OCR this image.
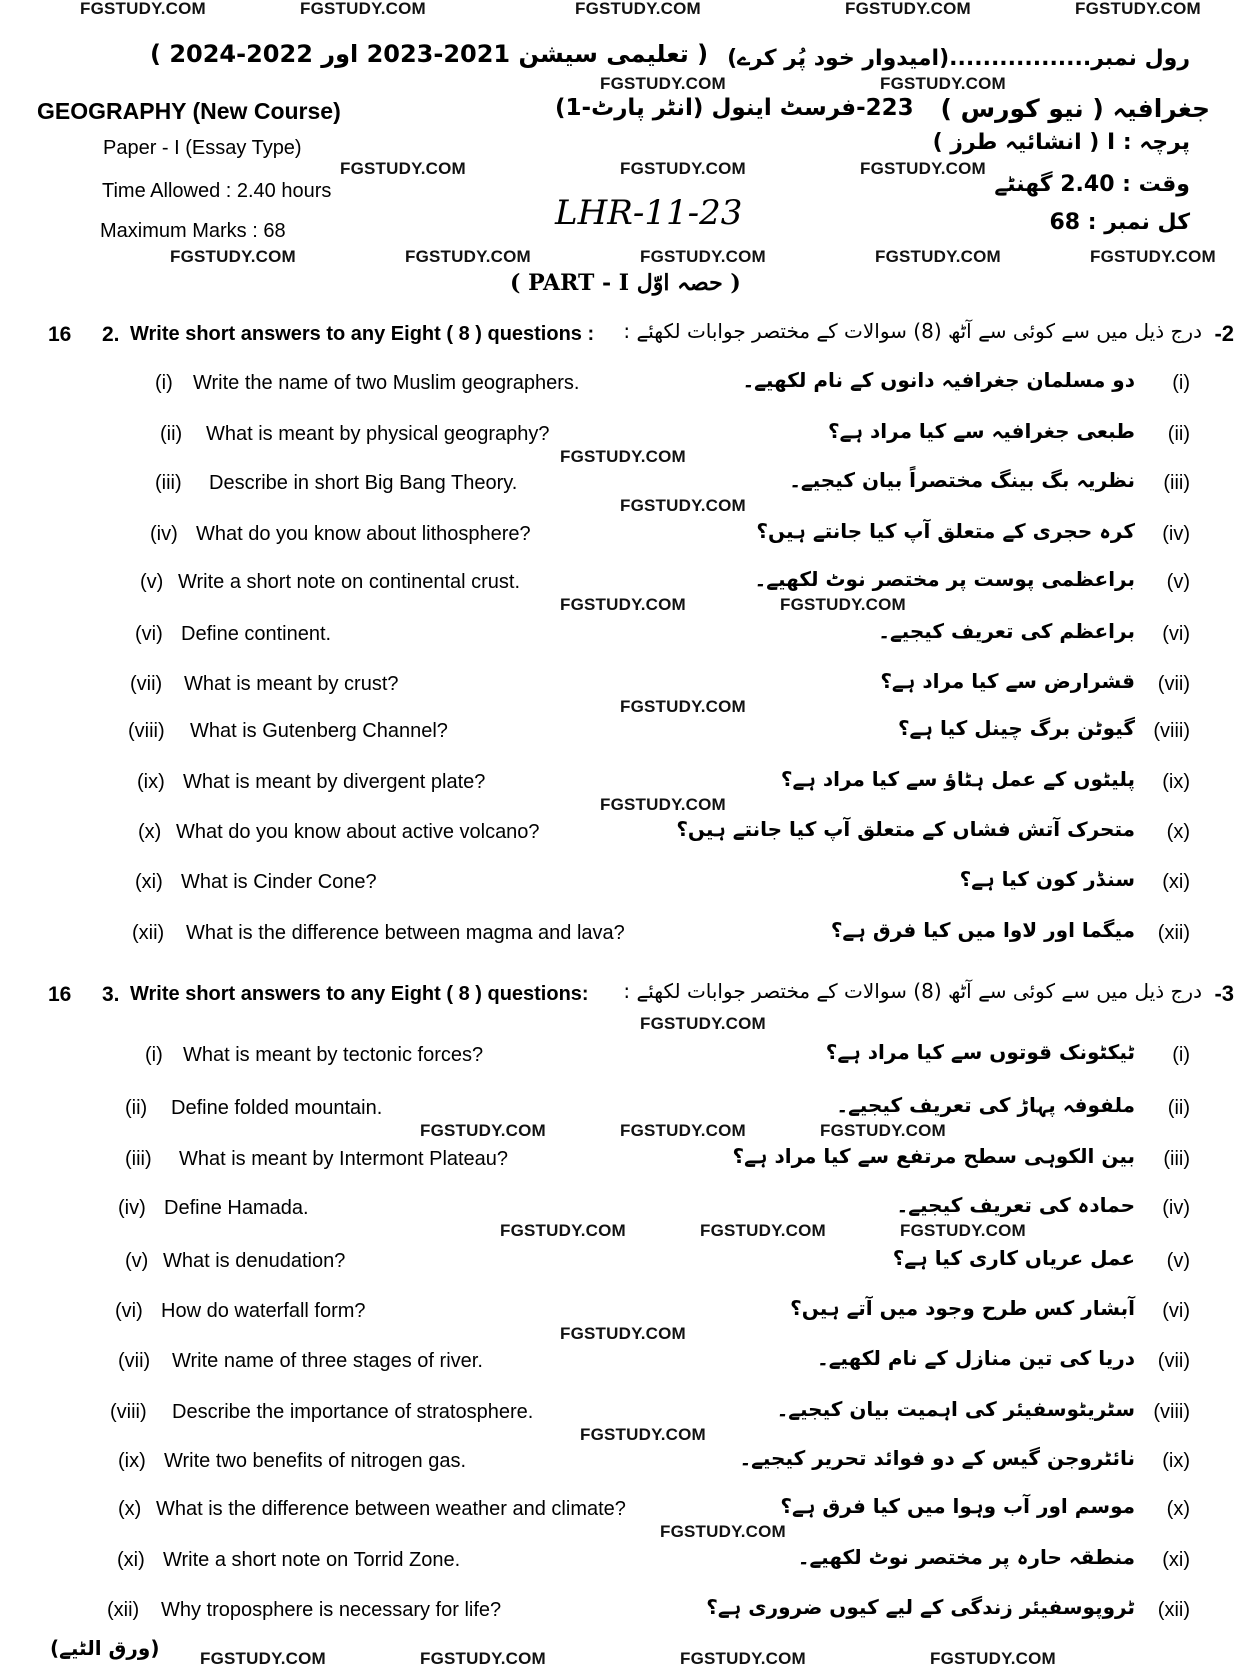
FGSTUDY.COM	FGSTUDY.COM	FGSTUDY.COM	FGSTUDY.COM	FGSTUDY.COM
FGSTUDY.COM	FGSTUDY.COM
FGSTUDY.COM	FGSTUDY.COM	FGSTUDY.COM
FGSTUDY.COM	FGSTUDY.COM	FGSTUDY.COM	FGSTUDY.COM	FGSTUDY.COM
FGSTUDY.COM
FGSTUDY.COM
FGSTUDY.COM	FGSTUDY.COM
FGSTUDY.COM
FGSTUDY.COM
FGSTUDY.COM
FGSTUDY.COM	FGSTUDY.COM	FGSTUDY.COM
FGSTUDY.COM	FGSTUDY.COM	FGSTUDY.COM
FGSTUDY.COM
FGSTUDY.COM
FGSTUDY.COM
FGSTUDY.COM	FGSTUDY.COM	FGSTUDY.COM	FGSTUDY.COM
رول نمبر.................(امیدوار خود پُر کرے)
( تعلیمی سیشن 2021-2023 اور 2022-2024 )
GEOGRAPHY (New Course)	223-فرسٹ اینول (انٹر پارٹ-1) جغرافیہ ( نیو کورس )
Paper - I (Essay Type)	پرچہ : I ( انشائیہ طرز )
Time Allowed : 2.40 hours	وقت : 2.40 گھنٹے
LHR-11-23
Maximum Marks : 68	کل نمبر : 68
( PART - I حصہ اوّل )
16 2. Write short answers to any Eight ( 8 ) questions : درج ذیل میں سے کوئی سے آٹھ (8) سوالات کے مختصر جوابات لکھئے : -2
(i) Write the name of two Muslim geographers.	دو مسلمان جغرافیہ دانوں کے نام لکھیے۔ (i)
(ii) What is meant by physical geography?	طبعی جغرافیہ سے کیا مراد ہے؟ (ii)
(iii) Describe in short Big Bang Theory.	نظریہ بگ بینگ مختصراً بیان کیجیے۔ (iii)
(iv) What do you know about lithosphere?	کرہ حجری کے متعلق آپ کیا جانتے ہیں؟ (iv)
(v) Write a short note on continental crust.	براعظمی پوست پر مختصر نوٹ لکھیے۔ (v)
(vi) Define continent.	براعظم کی تعریف کیجیے۔ (vi)
(vii) What is meant by crust?	قشرارض سے کیا مراد ہے؟ (vii)
(viii) What is Gutenberg Channel?	گیوٹن برگ چینل کیا ہے؟ (viii)
(ix) What is meant by divergent plate?	پلیٹوں کے عمل ہٹاؤ سے کیا مراد ہے؟ (ix)
(x) What do you know about active volcano?	متحرک آتش فشاں کے متعلق آپ کیا جانتے ہیں؟ (x)
(xi) What is Cinder Cone?	سنڈر کون کیا ہے؟ (xi)
(xii) What is the difference between magma and lava?	میگما اور لاوا میں کیا فرق ہے؟ (xii)
16 3. Write short answers to any Eight ( 8 ) questions: درج ذیل میں سے کوئی سے آٹھ (8) سوالات کے مختصر جوابات لکھئے : -3
(i) What is meant by tectonic forces?	ٹیکٹونک قوتوں سے کیا مراد ہے؟ (i)
(ii) Define folded mountain.	ملفوفہ پہاڑ کی تعریف کیجیے۔ (ii)
(iii) What is meant by Intermont Plateau?	بین الکوہی سطح مرتفع سے کیا مراد ہے؟ (iii)
(iv) Define Hamada.	حمادہ کی تعریف کیجیے۔ (iv)
(v) What is denudation?	عمل عریاں کاری کیا ہے؟ (v)
(vi) How do waterfall form?	آبشار کس طرح وجود میں آتے ہیں؟ (vi)
(vii) Write name of three stages of river.	دریا کی تین منازل کے نام لکھیے۔ (vii)
(viii) Describe the importance of stratosphere.	سٹریٹوسفیئر کی اہمیت بیان کیجیے۔ (viii)
(ix) Write two benefits of nitrogen gas.	نائٹروجن گیس کے دو فوائد تحریر کیجیے۔ (ix)
(x) What is the difference between weather and climate?	موسم اور آب وہوا میں کیا فرق ہے؟ (x)
(xi) Write a short note on Torrid Zone.	منطقہ حارہ پر مختصر نوٹ لکھیے۔ (xi)
(xii) Why troposphere is necessary for life?	ٹروپوسفیئر زندگی کے لیے کیوں ضروری ہے؟ (xii)
(ورق الٹیے)
